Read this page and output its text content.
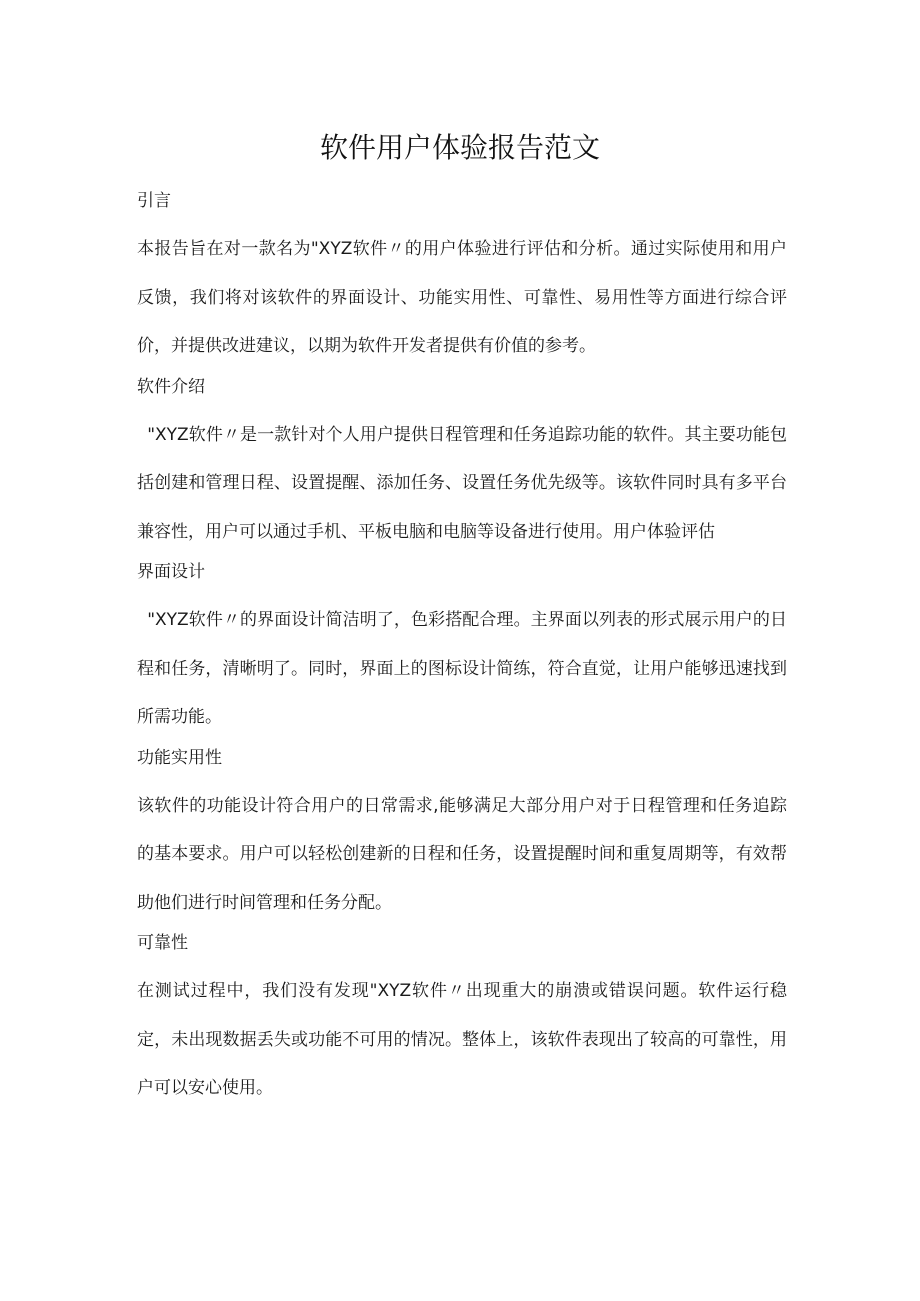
软件用户体验报告范文
引言

本报告旨在对一款名为"XYZ软件〃的用户体验进行评估和分析。通过实际使用和用户反馈，我们将对该软件的界面设计、功能实用性、可靠性、易用性等方面进行综合评价，并提供改进建议，以期为软件开发者提供有价值的参考。

软件介绍

"XYZ软件〃是一款针对个人用户提供日程管理和任务追踪功能的软件。其主要功能包括创建和管理日程、设置提醒、添加任务、设置任务优先级等。该软件同时具有多平台兼容性，用户可以通过手机、平板电脑和电脑等设备进行使用。用户体验评估

界面设计

"XYZ软件〃的界面设计简洁明了，色彩搭配合理。主界面以列表的形式展示用户的日程和任务，清晰明了。同时，界面上的图标设计简练，符合直觉，让用户能够迅速找到所需功能。

功能实用性

该软件的功能设计符合用户的日常需求,能够满足大部分用户对于日程管理和任务追踪的基本要求。用户可以轻松创建新的日程和任务，设置提醒时间和重复周期等，有效帮助他们进行时间管理和任务分配。

可靠性

在测试过程中，我们没有发现"XYZ软件〃出现重大的崩溃或错误问题。软件运行稳定，未出现数据丢失或功能不可用的情况。整体上，该软件表现出了较高的可靠性，用户可以安心使用。
